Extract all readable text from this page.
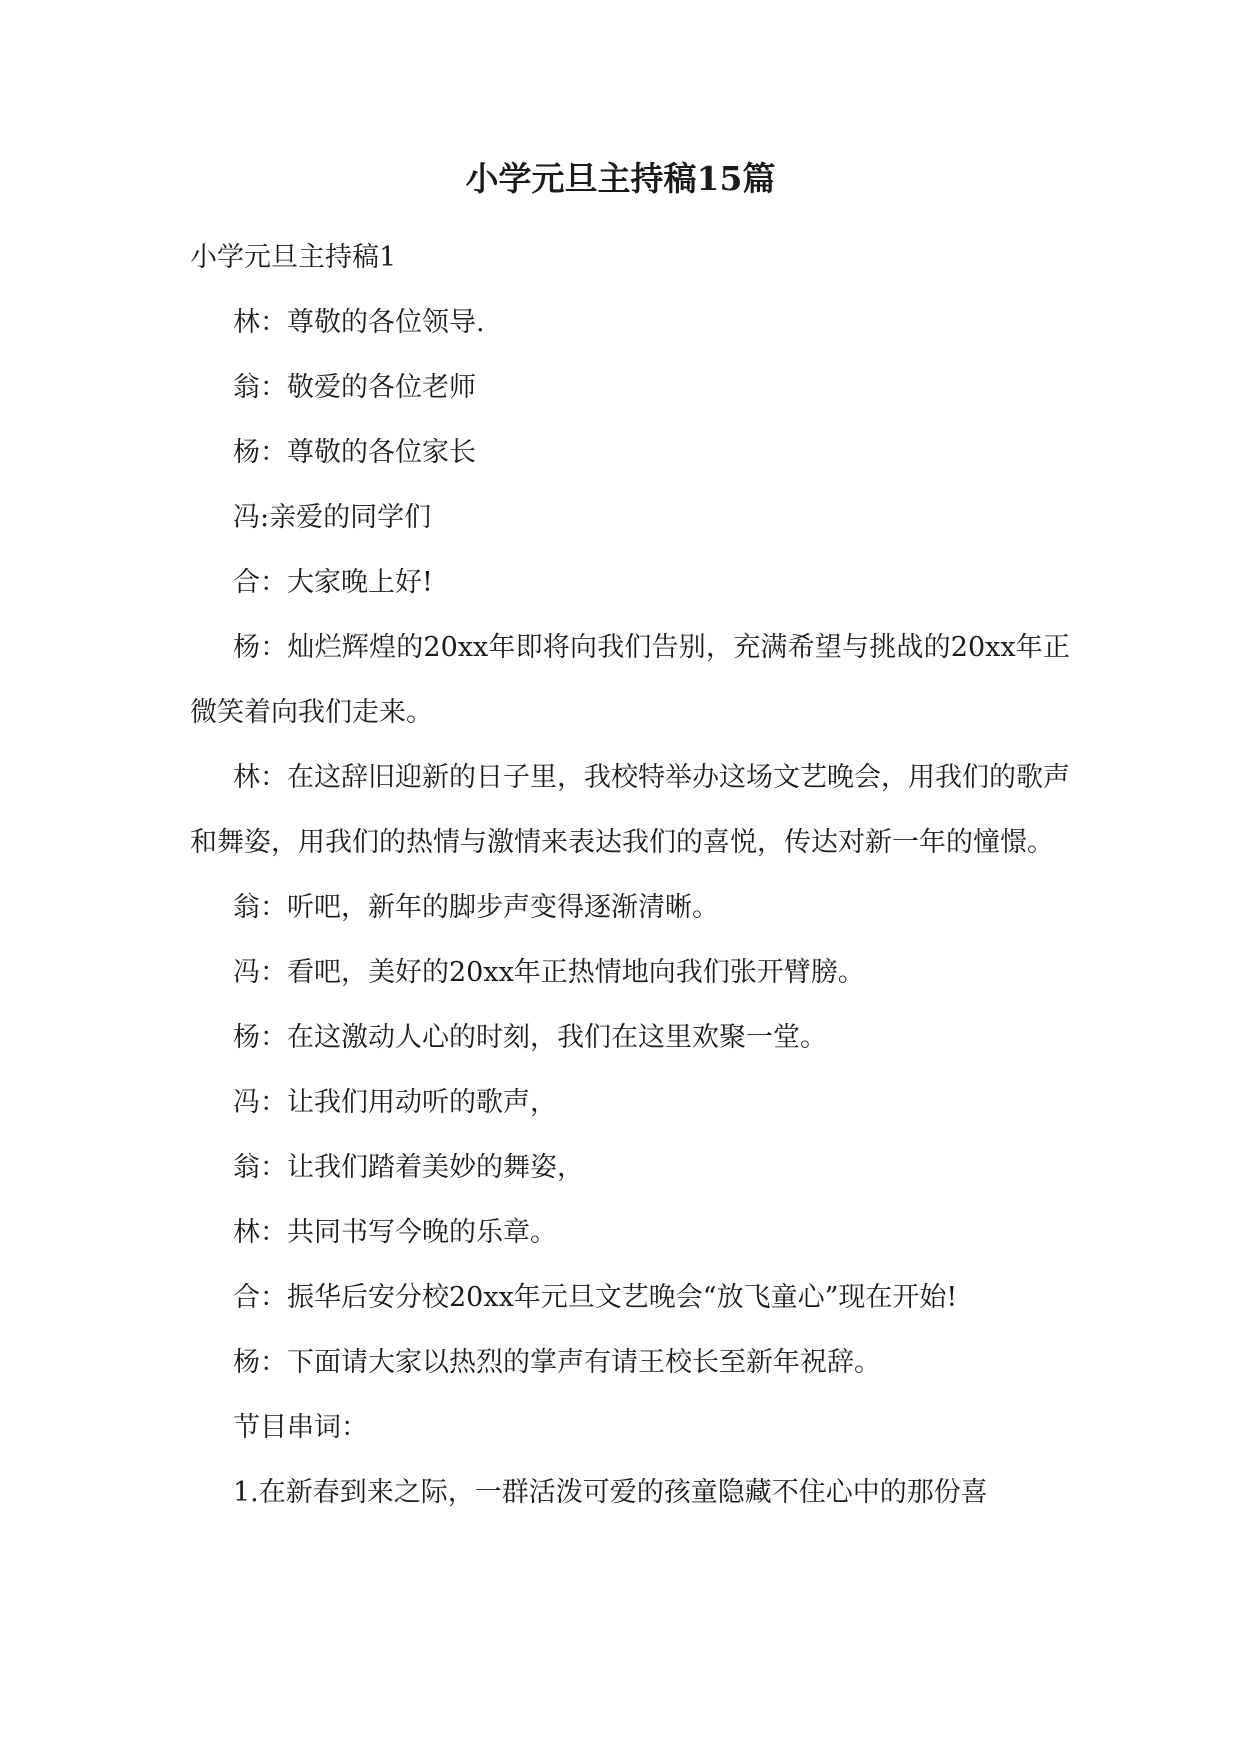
小学元旦主持稿15篇

小学元旦主持稿1

林：尊敬的各位领导.

翁：敬爱的各位老师

杨：尊敬的各位家长

冯:亲爱的同学们

合：大家晚上好!

杨：灿烂辉煌的20xx年即将向我们告别，充满希望与挑战的20xx年正微笑着向我们走来。

林：在这辞旧迎新的日子里，我校特举办这场文艺晚会，用我们的歌声和舞姿，用我们的热情与激情来表达我们的喜悦，传达对新一年的憧憬。

翁：听吧，新年的脚步声变得逐渐清晰。

冯：看吧，美好的20xx年正热情地向我们张开臂膀。

杨：在这激动人心的时刻，我们在这里欢聚一堂。

冯：让我们用动听的歌声，

翁：让我们踏着美妙的舞姿，

林：共同书写今晚的乐章。

合：振华后安分校20xx年元旦文艺晚会“放飞童心”现在开始!

杨：下面请大家以热烈的掌声有请王校长至新年祝辞。

节目串词：

1.在新春到来之际，一群活泼可爱的孩童隐藏不住心中的那份喜
